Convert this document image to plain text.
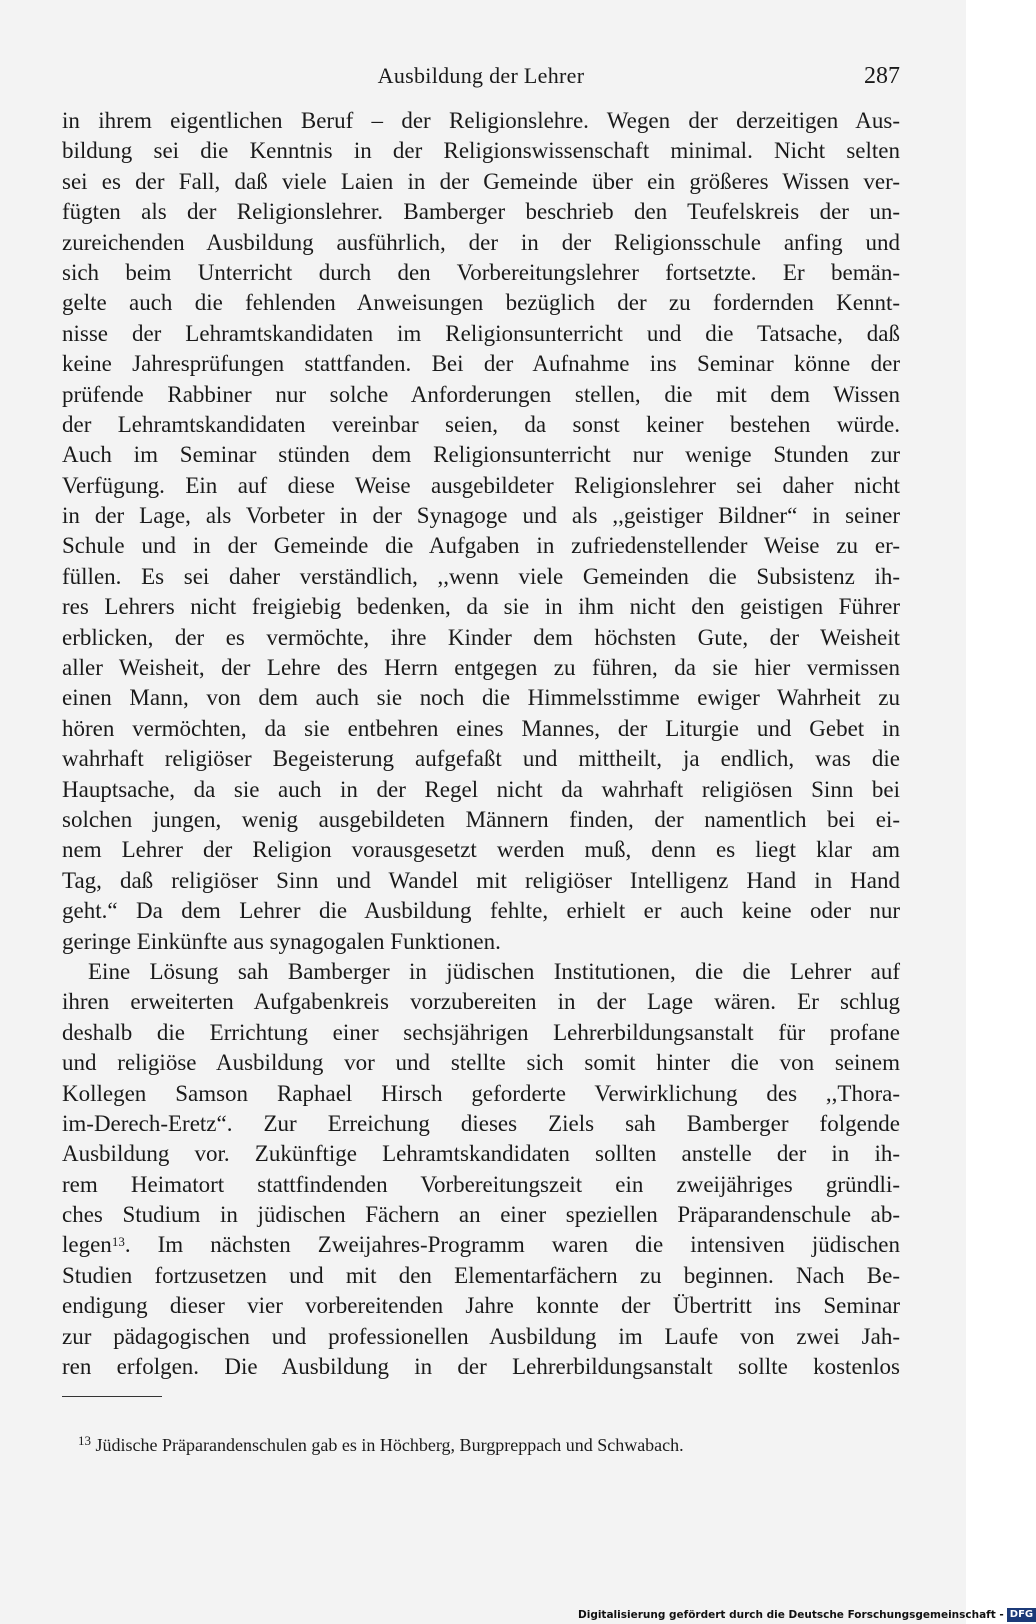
Ausbildung der Lehrer	287
in ihrem eigentlichen Beruf – der Religionslehre. Wegen der derzeitigen Aus-
bildung sei die Kenntnis in der Religionswissenschaft minimal. Nicht selten
sei es der Fall, daß viele Laien in der Gemeinde über ein größeres Wissen ver-
fügten als der Religionslehrer. Bamberger beschrieb den Teufelskreis der un-
zureichenden Ausbildung ausführlich, der in der Religionsschule anfing und
sich beim Unterricht durch den Vorbereitungslehrer fortsetzte. Er bemän-
gelte auch die fehlenden Anweisungen bezüglich der zu fordernden Kennt-
nisse der Lehramtskandidaten im Religionsunterricht und die Tatsache, daß
keine Jahresprüfungen stattfanden. Bei der Aufnahme ins Seminar könne der
prüfende Rabbiner nur solche Anforderungen stellen, die mit dem Wissen
der Lehramtskandidaten vereinbar seien, da sonst keiner bestehen würde.
Auch im Seminar stünden dem Religionsunterricht nur wenige Stunden zur
Verfügung. Ein auf diese Weise ausgebildeter Religionslehrer sei daher nicht
in der Lage, als Vorbeter in der Synagoge und als ,,geistiger Bildner“ in seiner
Schule und in der Gemeinde die Aufgaben in zufriedenstellender Weise zu er-
füllen. Es sei daher verständlich, ,,wenn viele Gemeinden die Subsistenz ih-
res Lehrers nicht freigiebig bedenken, da sie in ihm nicht den geistigen Führer
erblicken, der es vermöchte, ihre Kinder dem höchsten Gute, der Weisheit
aller Weisheit, der Lehre des Herrn entgegen zu führen, da sie hier vermissen
einen Mann, von dem auch sie noch die Himmelsstimme ewiger Wahrheit zu
hören vermöchten, da sie entbehren eines Mannes, der Liturgie und Gebet in
wahrhaft religiöser Begeisterung aufgefaßt und mittheilt, ja endlich, was die
Hauptsache, da sie auch in der Regel nicht da wahrhaft religiösen Sinn bei
solchen jungen, wenig ausgebildeten Männern finden, der namentlich bei ei-
nem Lehrer der Religion vorausgesetzt werden muß, denn es liegt klar am
Tag, daß religiöser Sinn und Wandel mit religiöser Intelligenz Hand in Hand
geht.“ Da dem Lehrer die Ausbildung fehlte, erhielt er auch keine oder nur
geringe Einkünfte aus synagogalen Funktionen.
Eine Lösung sah Bamberger in jüdischen Institutionen, die die Lehrer auf
ihren erweiterten Aufgabenkreis vorzubereiten in der Lage wären. Er schlug
deshalb die Errichtung einer sechsjährigen Lehrerbildungsanstalt für profane
und religiöse Ausbildung vor und stellte sich somit hinter die von seinem
Kollegen Samson Raphael Hirsch geforderte Verwirklichung des ,,Thora-
im-Derech-Eretz“. Zur Erreichung dieses Ziels sah Bamberger folgende
Ausbildung vor. Zukünftige Lehramtskandidaten sollten anstelle der in ih-
rem Heimatort stattfindenden Vorbereitungszeit ein zweijähriges gründli-
ches Studium in jüdischen Fächern an einer speziellen Präparandenschule ab-
legen$^{13}$. Im nächsten Zweijahres-Programm waren die intensiven jüdischen
Studien fortzusetzen und mit den Elementarfächern zu beginnen. Nach Be-
endigung dieser vier vorbereitenden Jahre konnte der Übertritt ins Seminar
zur pädagogischen und professionellen Ausbildung im Laufe von zwei Jah-
ren erfolgen. Die Ausbildung in der Lehrerbildungsanstalt sollte kostenlos
$^{13}$ Jüdische Präparandenschulen gab es in Höchberg, Burgpreppach und Schwabach.
Digitalisierung gefördert durch die Deutsche Forschungsgemeinschaft - DFG
